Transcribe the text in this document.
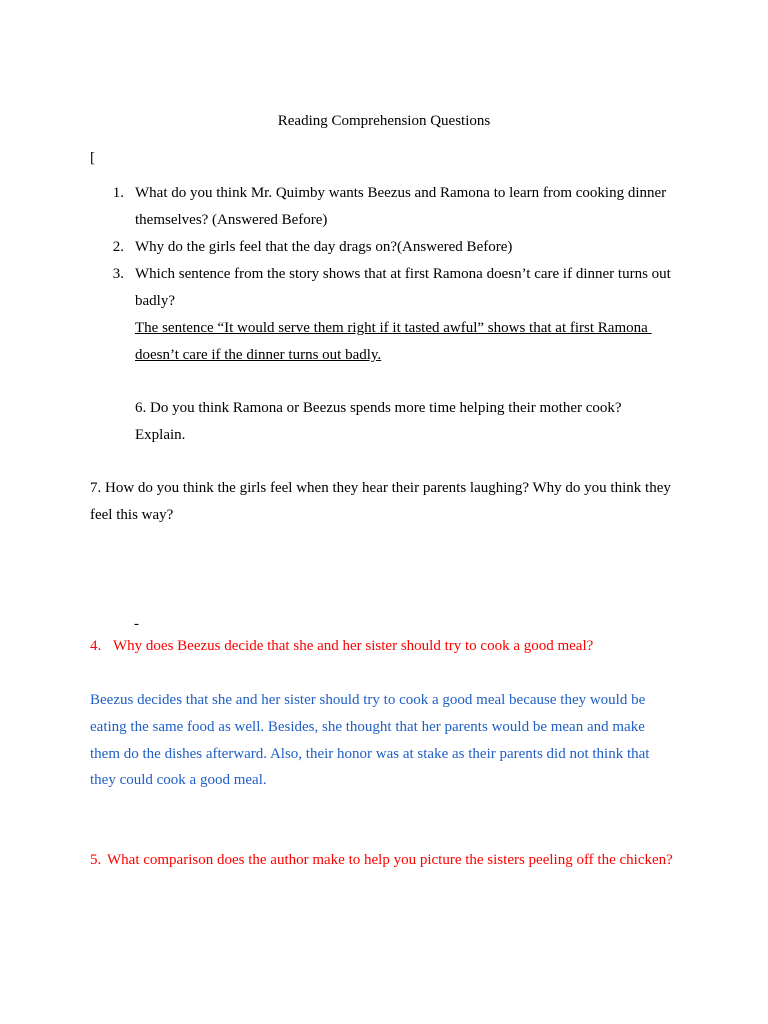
Reading Comprehension Questions
[
1. What do you think Mr. Quimby wants Beezus and Ramona to learn from cooking dinner
themselves? (Answered Before)
2. Why do the girls feel that the day drags on?(Answered Before)
3. Which sentence from the story shows that at first Ramona doesn’t care if dinner turns out
badly?
The sentence “It would serve them right if it tasted awful” shows that at first Ramona
doesn’t care if the dinner turns out badly.
6. Do you think Ramona or Beezus spends more time helping their mother cook?
Explain.
7. How do you think the girls feel when they hear their parents laughing? Why do you think they
feel this way?
-
4. Why does Beezus decide that she and her sister should try to cook a good meal?
Beezus decides that she and her sister should try to cook a good meal because they would be
eating the same food as well. Besides, she thought that her parents would be mean and make
them do the dishes afterward. Also, their honor was at stake as their parents did not think that
they could cook a good meal.
5. What comparison does the author make to help you picture the sisters peeling off the chicken?
